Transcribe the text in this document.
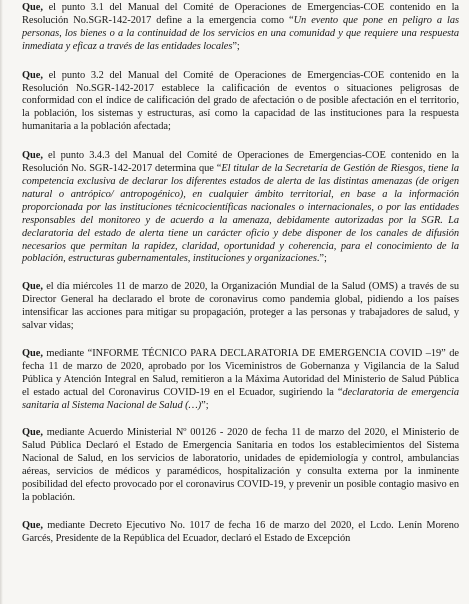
Que, el punto 3.1 del Manual del Comité de Operaciones de Emergencias-COE contenido en la Resolución No.SGR-142-2017 define a la emergencia como “Un evento que pone en peligro a las personas, los bienes o a la continuidad de los servicios en una comunidad y que requiere una respuesta inmediata y eficaz a través de las entidades locales”;

Que, el punto 3.2 del Manual del Comité de Operaciones de Emergencias-COE contenido en la Resolución No.SGR-142-2017 establece la calificación de eventos o situaciones peligrosas de conformidad con el índice de calificación del grado de afectación o de posible afectación en el territorio, la población, los sistemas y estructuras, así como la capacidad de las instituciones para la respuesta humanitaria a la población afectada;

Que, el punto 3.4.3 del Manual del Comité de Operaciones de Emergencias-COE contenido en la Resolución No. SGR-142-2017 determina que “El titular de la Secretaría de Gestión de Riesgos, tiene la competencia exclusiva de declarar los diferentes estados de alerta de las distintas amenazas (de origen natural o antrópico/ antropogénico), en cualquier ámbito territorial, en base a la información proporcionada por las instituciones técnicocientíficas nacionales o internacionales, o por las entidades responsables del monitoreo y de acuerdo a la amenaza, debidamente autorizadas por la SGR. La declaratoria del estado de alerta tiene un carácter oficio y debe disponer de los canales de difusión necesarios que permitan la rapidez, claridad, oportunidad y coherencia, para el conocimiento de la población, estructuras gubernamentales, instituciones y organizaciones.”;

Que, el día miércoles 11 de marzo de 2020, la Organización Mundial de la Salud (OMS) a través de su Director General ha declarado el brote de coronavirus como pandemia global, pidiendo a los países intensificar las acciones para mitigar su propagación, proteger a las personas y trabajadores de salud, y salvar vidas;

Que, mediante “INFORME TÉCNICO PARA DECLARATORIA DE EMERGENCIA COVID –19” de fecha 11 de marzo de 2020, aprobado por los Viceministros de Gobernanza y Vigilancia de la Salud Pública y Atención Integral en Salud, remitieron a la Máxima Autoridad del Ministerio de Salud Pública el estado actual del Coronavirus COVID-19 en el Ecuador, sugiriendo la “declaratoria de emergencia sanitaria al Sistema Nacional de Salud (…)”;

Que, mediante Acuerdo Ministerial Nº 00126 - 2020 de fecha 11 de marzo del 2020, el Ministerio de Salud Pública Declaró el Estado de Emergencia Sanitaria en todos los establecimientos del Sistema Nacional de Salud, en los servicios de laboratorio, unidades de epidemiología y control, ambulancias aéreas, servicios de médicos y paramédicos, hospitalización y consulta externa por la inminente posibilidad del efecto provocado por el coronavirus COVID-19, y prevenir un posible contagio masivo en la población.

Que, mediante Decreto Ejecutivo No. 1017 de fecha 16 de marzo del 2020, el Lcdo. Lenín Moreno Garcés, Presidente de la República del Ecuador, declaró el Estado de Excepción
